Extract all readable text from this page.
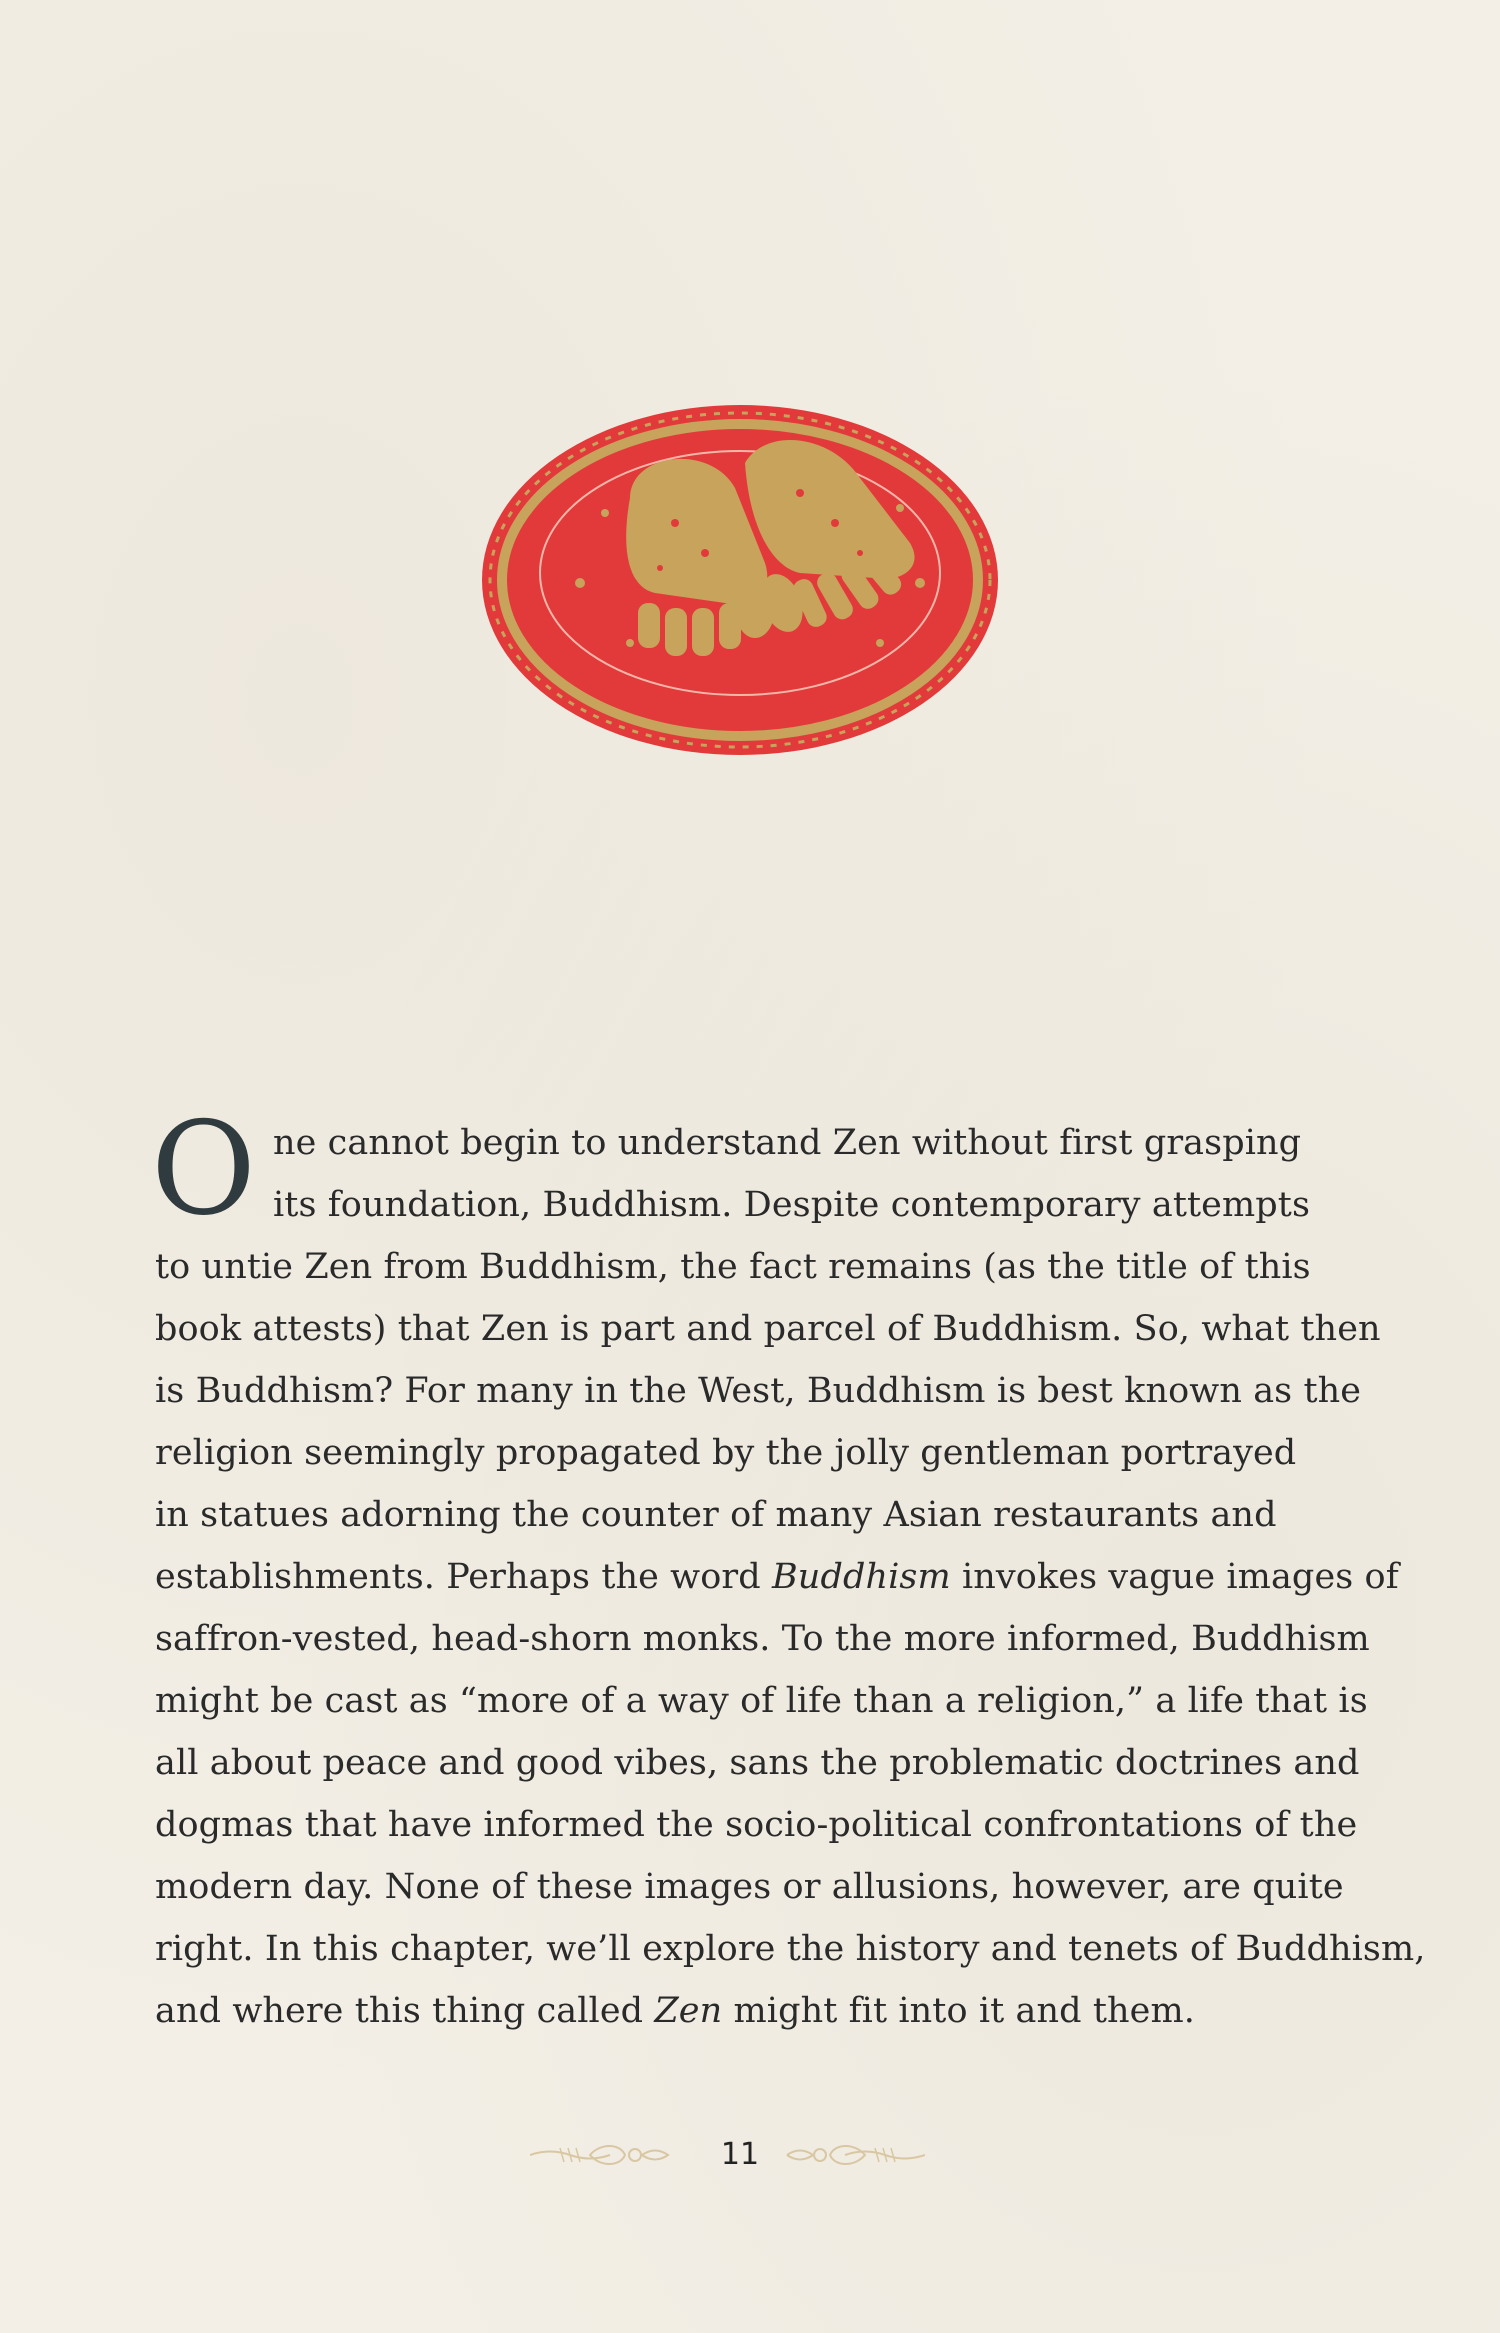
O ne cannot begin to understand Zen without first grasping
its foundation, Buddhism. Despite contemporary attempts
to untie Zen from Buddhism, the fact remains (as the title of this
book attests) that Zen is part and parcel of Buddhism. So, what then
is Buddhism? For many in the West, Buddhism is best known as the
religion seemingly propagated by the jolly gentleman portrayed
in statues adorning the counter of many Asian restaurants and
establishments. Perhaps the word Buddhism invokes vague images of
saffron-vested, head-shorn monks. To the more informed, Buddhism
might be cast as “more of a way of life than a religion,” a life that is
all about peace and good vibes, sans the problematic doctrines and
dogmas that have informed the socio-political confrontations of the
modern day. None of these images or allusions, however, are quite
right. In this chapter, we’ll explore the history and tenets of Buddhism,
and where this thing called Zen might fit into it and them.
11
